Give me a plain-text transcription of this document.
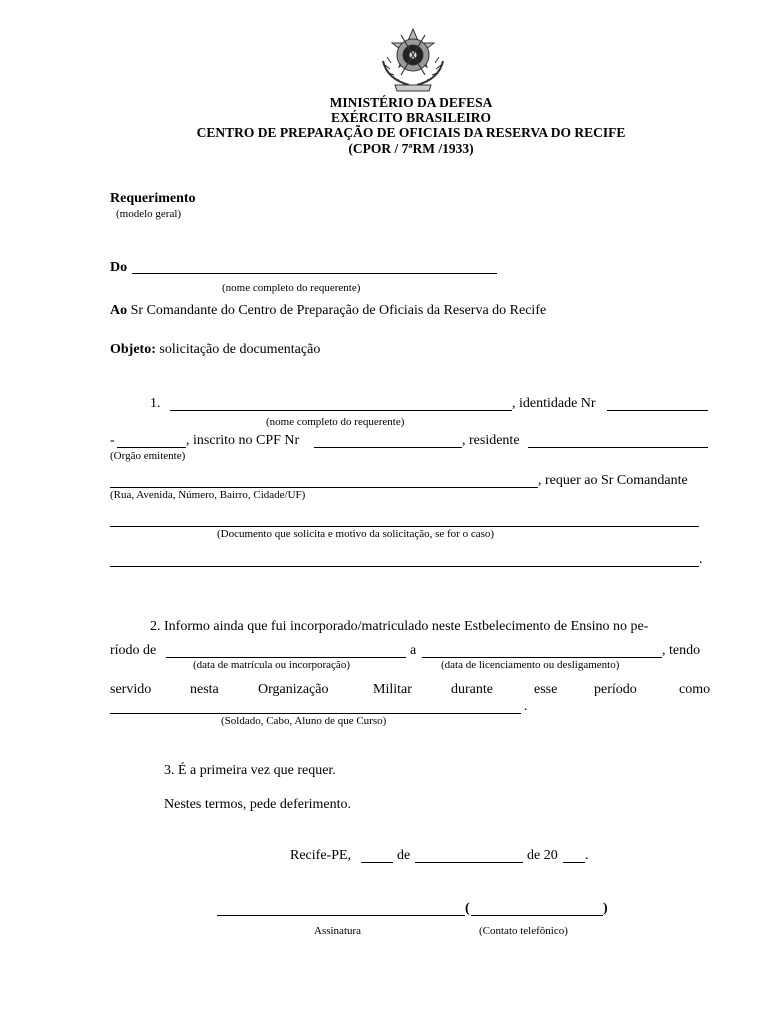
MINISTÉRIO DA DEFESA
EXÉRCITO BRASILEIRO
CENTRO DE PREPARAÇÃO DE OFICIAIS DA RESERVA DO RECIFE
(CPOR / 7ªRM /1933)
Requerimento
(modelo geral)
Do
(nome completo do requerente)
Ao Sr Comandante do Centro de Preparação de Oficiais da Reserva do Recife
Objeto: solicitação de documentação
1.	, identidade Nr
(nome completo do requerente)
-	, inscrito no CPF Nr	, residente
(Orgão emitente)
, requer ao Sr Comandante
(Rua, Avenida, Número, Bairro, Cidade/UF)
(Documento que solicita e motivo da solicitação, se for o caso)
.
2. Informo ainda que fui incorporado/matriculado neste Estbelecimento de Ensino no pe-
ríodo de	a	, tendo
(data de matrícula ou incorporação)	(data de licenciamento ou desligamento)
servido	nesta	Organização	Militar	durante	esse	período	como
.
(Soldado, Cabo, Aluno de que Curso)
3. É a primeira vez que requer.
Nestes termos, pede deferimento.
Recife-PE,	de	de 20 .
(	)
Assinatura	(Contato telefônico)
